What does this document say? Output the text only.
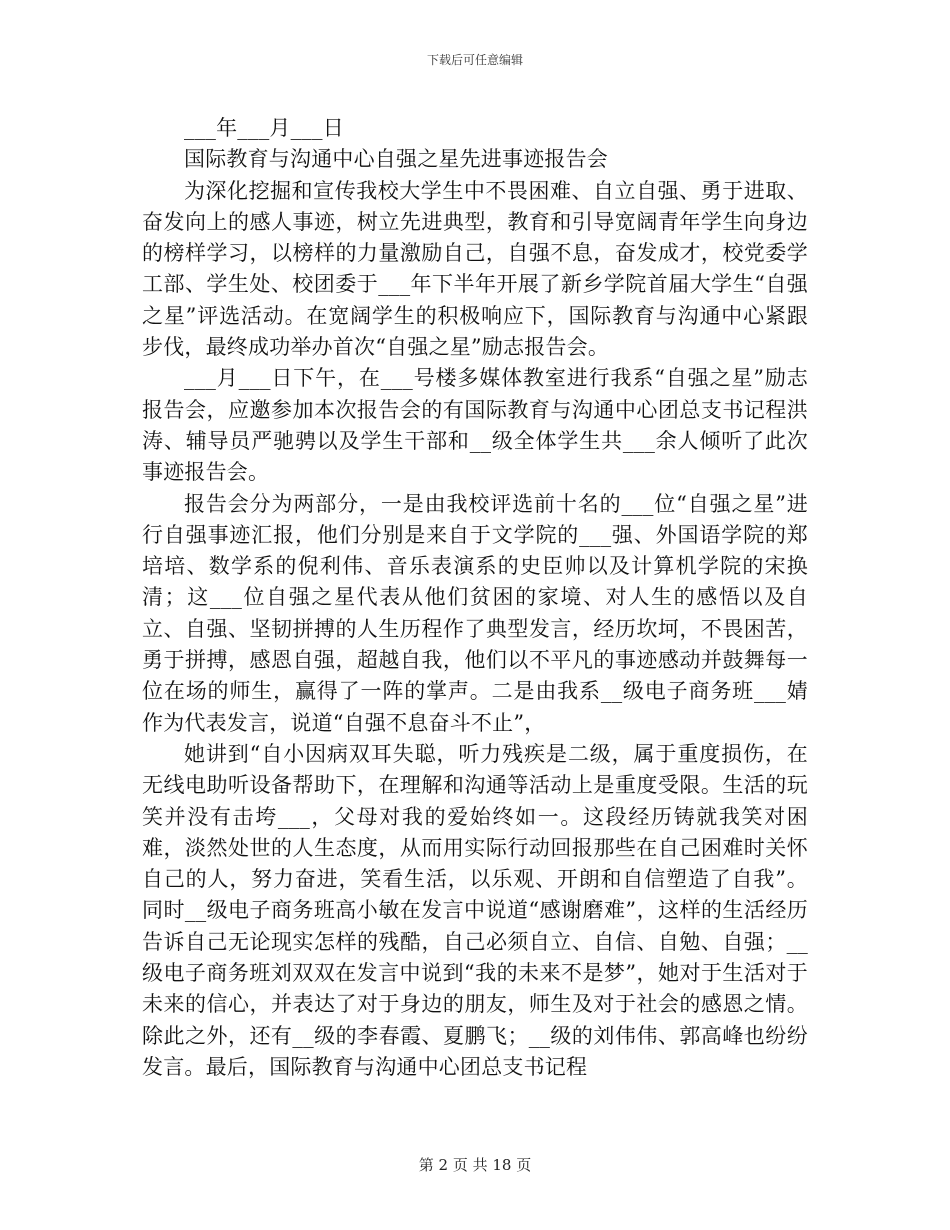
下载后可任意编辑

___年___月___日

国际教育与沟通中心自强之星先进事迹报告会

为深化挖掘和宣传我校大学生中不畏困难、自立自强、勇于进取、奋发向上的感人事迹，树立先进典型，教育和引导宽阔青年学生向身边的榜样学习，以榜样的力量激励自己，自强不息，奋发成才，校党委学工部、学生处、校团委于___年下半年开展了新乡学院首届大学生“自强之星”评选活动。在宽阔学生的积极响应下，国际教育与沟通中心紧跟步伐，最终成功举办首次“自强之星”励志报告会。

___月___日下午，在___号楼多媒体教室进行我系“自强之星”励志报告会，应邀参加本次报告会的有国际教育与沟通中心团总支书记程洪涛、辅导员严驰骋以及学生干部和__级全体学生共___余人倾听了此次事迹报告会。

报告会分为两部分，一是由我校评选前十名的___位“自强之星”进行自强事迹汇报，他们分别是来自于文学院的___强、外国语学院的郑培培、数学系的倪利伟、音乐表演系的史臣帅以及计算机学院的宋换清；这___位自强之星代表从他们贫困的家境、对人生的感悟以及自立、自强、坚韧拼搏的人生历程作了典型发言，经历坎坷，不畏困苦，勇于拼搏，感恩自强，超越自我，他们以不平凡的事迹感动并鼓舞每一位在场的师生，赢得了一阵的掌声。二是由我系__级电子商务班___婧作为代表发言，说道“自强不息奋斗不止”，

她讲到“自小因病双耳失聪，听力残疾是二级，属于重度损伤，在无线电助听设备帮助下，在理解和沟通等活动上是重度受限。生活的玩笑并没有击垮___，父母对我的爱始终如一。这段经历铸就我笑对困难，淡然处世的人生态度，从而用实际行动回报那些在自己困难时关怀自己的人，努力奋进，笑看生活，以乐观、开朗和自信塑造了自我”。同时__级电子商务班高小敏在发言中说道“感谢磨难”，这样的生活经历告诉自己无论现实怎样的残酷，自己必须自立、自信、自勉、自强；__级电子商务班刘双双在发言中说到“我的未来不是梦”，她对于生活对于未来的信心，并表达了对于身边的朋友，师生及对于社会的感恩之情。除此之外，还有__级的李春霞、夏鹏飞；__级的刘伟伟、郭高峰也纷纷发言。最后，国际教育与沟通中心团总支书记程

第 2 页 共 18 页
